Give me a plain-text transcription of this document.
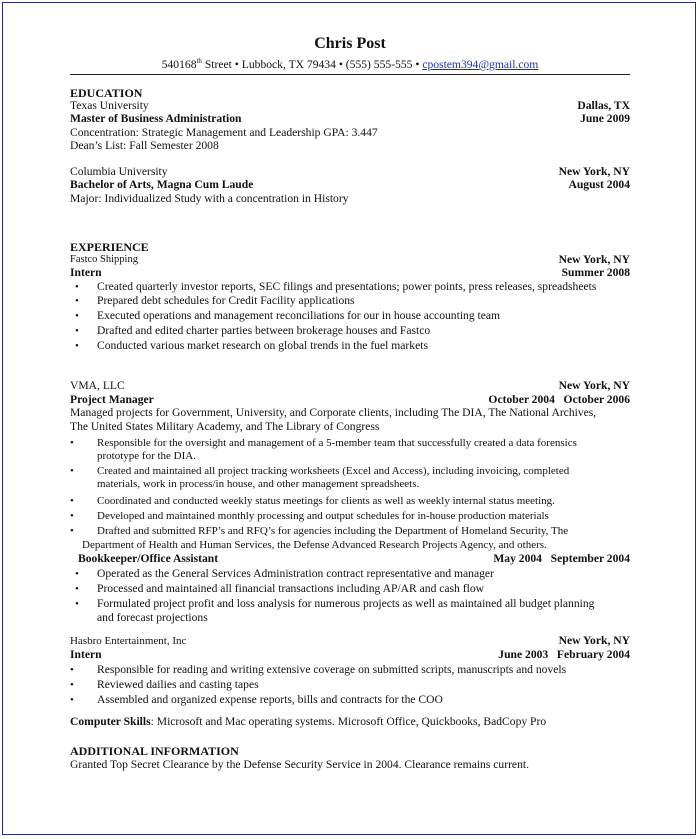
Chris Post
540168th Street • Lubbock, TX 79434 • (555) 555-555 • cpostem394@gmail.com
EDUCATION
Texas University	Dallas, TX
Master of Business Administration	June 2009
Concentration: Strategic Management and Leadership GPA: 3.447
Dean’s List: Fall Semester 2008
Columbia University	New York, NY
Bachelor of Arts, Magna Cum Laude	August 2004
Major: Individualized Study with a concentration in History
EXPERIENCE
Fastco Shipping	New York, NY
Intern	Summer 2008
• Created quarterly investor reports, SEC filings and presentations; power points, press releases, spreadsheets
• Prepared debt schedules for Credit Facility applications
• Executed operations and management reconciliations for our in house accounting team
• Drafted and edited charter parties between brokerage houses and Fastco
• Conducted various market research on global trends in the fuel markets
VMA, LLC	New York, NY
Project Manager	October 2004   October 2006
Managed projects for Government, University, and Corporate clients, including The DIA, The National Archives,
The United States Military Academy, and The Library of Congress
• Responsible for the oversight and management of a 5-member team that successfully created a data forensics
prototype for the DIA.
• Created and maintained all project tracking worksheets (Excel and Access), including invoicing, completed
materials, work in process/in house, and other management spreadsheets.
• Coordinated and conducted weekly status meetings for clients as well as weekly internal status meeting.
• Developed and maintained monthly processing and output schedules for in-house production materials
• Drafted and submitted RFP’s and RFQ’s for agencies including the Department of Homeland Security, The
Department of Health and Human Services, the Defense Advanced Research Projects Agency, and others.
Bookkeeper/Office Assistant	May 2004   September 2004
• Operated as the General Services Administration contract representative and manager
• Processed and maintained all financial transactions including AP/AR and cash flow
• Formulated project profit and loss analysis for numerous projects as well as maintained all budget planning
and forecast projections
Hasbro Entertainment, Inc	New York, NY
Intern	June 2003   February 2004
• Responsible for reading and writing extensive coverage on submitted scripts, manuscripts and novels
• Reviewed dailies and casting tapes
• Assembled and organized expense reports, bills and contracts for the COO
Computer Skills: Microsoft and Mac operating systems. Microsoft Office, Quickbooks, BadCopy Pro
ADDITIONAL INFORMATION
Granted Top Secret Clearance by the Defense Security Service in 2004. Clearance remains current.
